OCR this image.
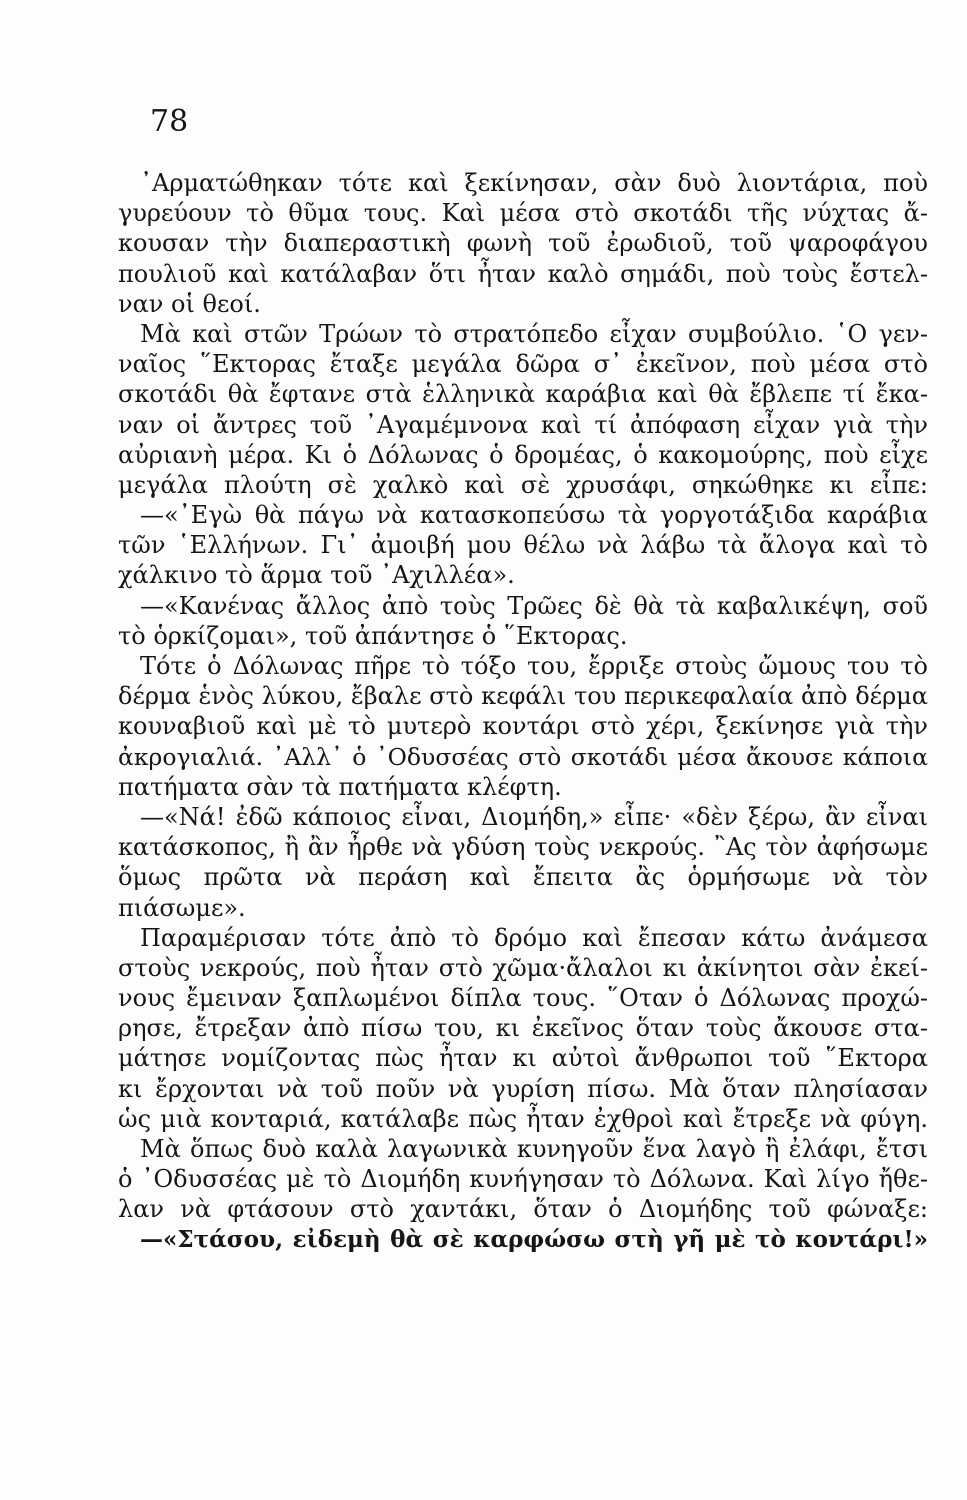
78
᾿Αρματώθηκαν τότε καὶ ξεκίνησαν, σὰν δυὸ λιοντάρια, ποὺ
γυρεύουν τὸ θῦμα τους. Καὶ μέσα στὸ σκοτάδι τῆς νύχτας ἄ-
κουσαν τὴν διαπεραστικὴ φωνὴ τοῦ ἐρωδιοῦ, τοῦ ψαροφάγου
πουλιοῦ καὶ κατάλαβαν ὅτι ἦταν καλὸ σημάδι, ποὺ τοὺς ἔστελ-
ναν οἱ θεοί.
Μὰ καὶ στῶν Τρώων τὸ στρατόπεδο εἶχαν συμβούλιο. ῾Ο γεν-
ναῖος ῞Εκτορας ἔταξε μεγάλα δῶρα σ᾿ ἐκεῖνον, ποὺ μέσα στὸ
σκοτάδι θὰ ἔφτανε στὰ ἑλληνικὰ καράβια καὶ θὰ ἔβλεπε τί ἔκα-
ναν οἱ ἄντρες τοῦ ᾿Αγαμέμνονα καὶ τί ἀπόφαση εἶχαν γιὰ τὴν
αὐριανὴ μέρα. Κι ὁ Δόλωνας ὁ δρομέας, ὁ κακομούρης, ποὺ εἶχε
μεγάλα πλούτη σὲ χαλκὸ καὶ σὲ χρυσάφι, σηκώθηκε κι εἶπε:
—«᾿Εγὼ θὰ πάγω νὰ κατασκοπεύσω τὰ γοργοτάξιδα καράβια
τῶν ῾Ελλήνων. Γι᾿ ἀμοιβή μου θέλω νὰ λάβω τὰ ἄλογα καὶ τὸ
χάλκινο τὸ ἅρμα τοῦ ᾿Αχιλλέα».
—«Κανένας ἄλλος ἀπὸ τοὺς Τρῶες δὲ θὰ τὰ καβαλικέψη, σοῦ
τὸ ὁρκίζομαι», τοῦ ἀπάντησε ὁ ῞Εκτορας.
Τότε ὁ Δόλωνας πῆρε τὸ τόξο του, ἔρριξε στοὺς ὤμους του τὸ
δέρμα ἑνὸς λύκου, ἔβαλε στὸ κεφάλι του περικεφαλαία ἀπὸ δέρμα
κουναβιοῦ καὶ μὲ τὸ μυτερὸ κοντάρι στὸ χέρι, ξεκίνησε γιὰ τὴν
ἀκρογιαλιά. ᾿Αλλ᾿ ὁ ᾿Οδυσσέας στὸ σκοτάδι μέσα ἄκουσε κάποια
πατήματα σὰν τὰ πατήματα κλέφτη.
—«Νά! ἐδῶ κάποιος εἶναι, Διομήδη,» εἶπε· «δὲν ξέρω, ἂν εἶναι
κατάσκοπος, ἢ ἂν ἦρθε νὰ γδύση τοὺς νεκρούς. ῍Ας τὸν ἀφήσωμε
ὅμως πρῶτα νὰ περάση καὶ ἔπειτα ἂς ὁρμήσωμε νὰ τὸν
πιάσωμε».
Παραμέρισαν τότε ἀπὸ τὸ δρόμο καὶ ἔπεσαν κάτω ἀνάμεσα
στοὺς νεκρούς, ποὺ ἦταν στὸ χῶμα·ἄλαλοι κι ἀκίνητοι σὰν ἐκεί-
νους ἔμειναν ξαπλωμένοι δίπλα τους. ῞Οταν ὁ Δόλωνας προχώ-
ρησε, ἔτρεξαν ἀπὸ πίσω του, κι ἐκεῖνος ὅταν τοὺς ἄκουσε στα-
μάτησε νομίζοντας πὼς ἦταν κι αὐτοὶ ἄνθρωποι τοῦ ῞Εκτορα
κι ἔρχονται νὰ τοῦ ποῦν νὰ γυρίση πίσω. Μὰ ὅταν πλησίασαν
ὡς μιὰ κονταριά, κατάλαβε πὼς ἦταν ἐχθροὶ καὶ ἔτρεξε νὰ φύγη.
Μὰ ὅπως δυὸ καλὰ λαγωνικὰ κυνηγοῦν ἕνα λαγὸ ἢ ἐλάφι, ἔτσι
ὁ ᾿Οδυσσέας μὲ τὸ Διομήδη κυνήγησαν τὸ Δόλωνα. Καὶ λίγο ἤθε-
λαν νὰ φτάσουν στὸ χαντάκι, ὅταν ὁ Διομήδης τοῦ φώναξε:
—«Στάσου, εἰδεμὴ θὰ σὲ καρφώσω στὴ γῆ μὲ τὸ κοντάρι!»
